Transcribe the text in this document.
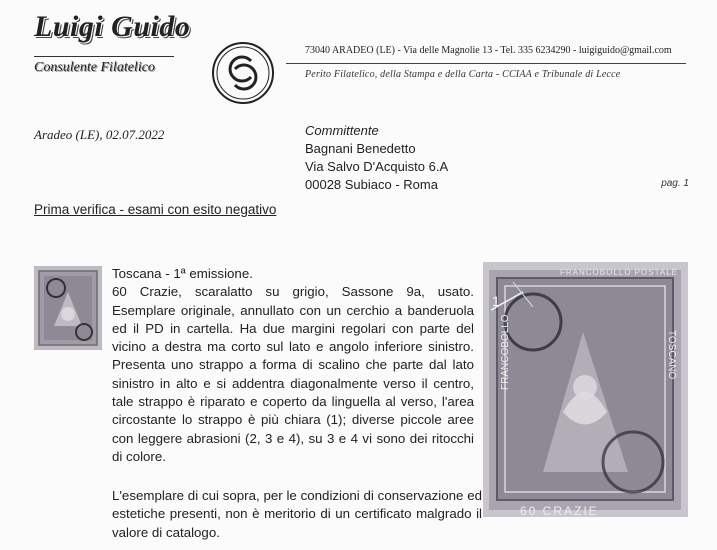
Luigi Guido
Consulente Filatelico
73040 ARADEO (LE) - Via delle Magnolie 13 - Tel. 335 6234290 - luigiguido@gmail.com
Perito Filatelico, della Stampa e della Carta - CCIAA e Tribunale di Lecce
Aradeo (LE), 02.07.2022	Committente
Bagnani Benedetto
Via Salvo D'Acquisto 6.A
00028 Subiaco - Roma	pag. 1
Prima verifica - esami con esito negativo
Toscana - 1ª emissione.

60 Crazie, scaralatto su grigio, Sassone 9a, usato. Esemplare originale, annullato con un cerchio a banderuola ed il PD in cartella. Ha due margini regolari con parte del vicino a destra ma corto sul lato e angolo inferiore sinistro. Presenta uno strappo a forma di scalino che parte dal lato sinistro in alto e si addentra diagonalmente verso il centro, tale strappo è riparato e coperto da linguella al verso, l'area circostante lo strappo è più chiara (1); diverse piccole aree con leggere abrasioni (2, 3 e 4), su 3 e 4 vi sono dei ritocchi di colore.

L'esemplare di cui sopra, per le condizioni di conservazione ed estetiche presenti, non è meritorio di un certificato malgrado il valore di catalogo.
1
60 CRAZIE
FRANCOBOLLO POSTALE
FRANCOBOLLO	TOSCANO
